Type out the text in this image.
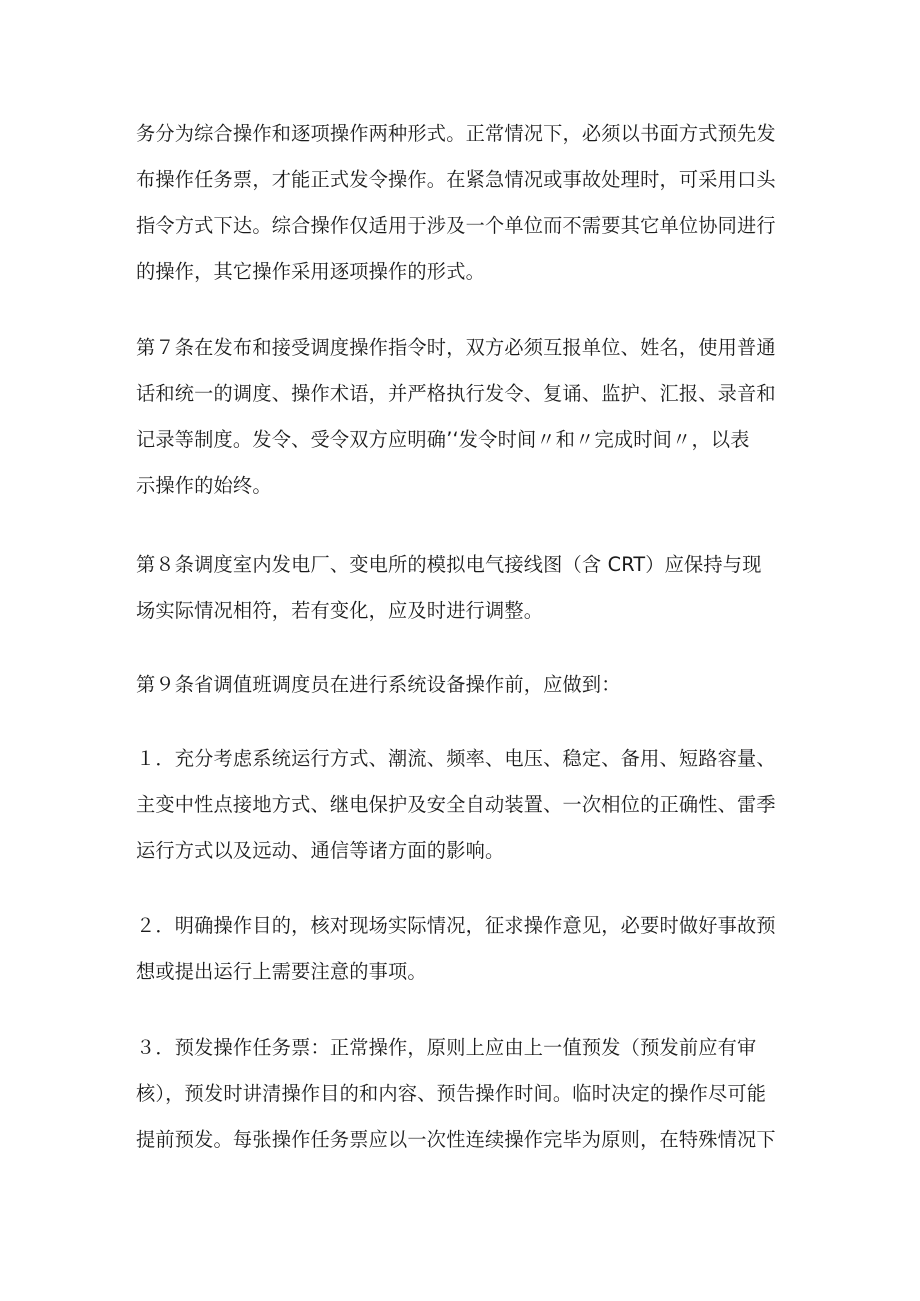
务分为综合操作和逐项操作两种形式。正常情况下，必须以书面方式预先发
布操作任务票，才能正式发令操作。在紧急情况或事故处理时，可采用口头
指令方式下达。综合操作仅适用于涉及一个单位而不需要其它单位协同进行
的操作，其它操作采用逐项操作的形式。

第７条在发布和接受调度操作指令时，双方必须互报单位、姓名，使用普通
话和统一的调度、操作术语，并严格执行发令、复诵、监护、汇报、录音和
记录等制度。发令、受令双方应明确’‘发令时间〃和〃完成时间〃，以表
示操作的始终。

第８条调度室内发电厂、变电所的模拟电气接线图（含 CRT）应保持与现
场实际情况相符，若有变化，应及时进行调整。

第９条省调值班调度员在进行系统设备操作前，应做到：

１．充分考虑系统运行方式、潮流、频率、电压、稳定、备用、短路容量、
主变中性点接地方式、继电保护及安全自动装置、一次相位的正确性、雷季
运行方式以及远动、通信等诸方面的影响。

２．明确操作目的，核对现场实际情况，征求操作意见，必要时做好事故预
想或提出运行上需要注意的事项。

３．预发操作任务票：正常操作，原则上应由上一值预发（预发前应有审
核），预发时讲清操作目的和内容、预告操作时间。临时决定的操作尽可能
提前预发。每张操作任务票应以一次性连续操作完毕为原则，在特殊情况下
